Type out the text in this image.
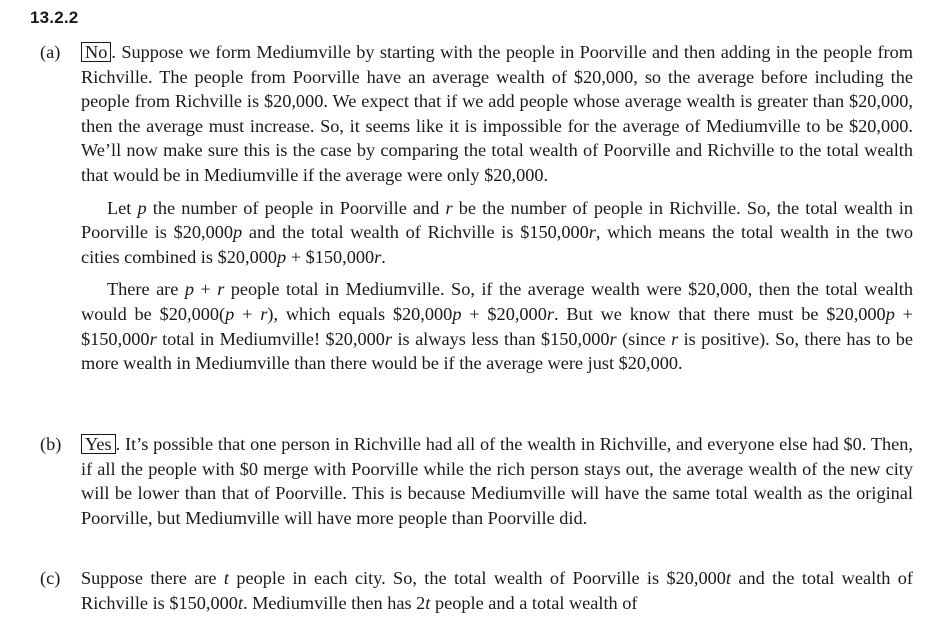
13.2.2
(a) No . Suppose we form Mediumville by starting with the people in Poorville and then adding in the people from Richville. The people from Poorville have an average wealth of $20,000, so the average before including the people from Richville is $20,000. We expect that if we add people whose average wealth is greater than $20,000, then the average must increase. So, it seems like it is impossible for the average of Mediumville to be $20,000. We’ll now make sure this is the case by comparing the total wealth of Poorville and Richville to the total wealth that would be in Mediumville if the average were only $20,000.

Let p the number of people in Poorville and r be the number of people in Richville. So, the total wealth in Poorville is $20,000p and the total wealth of Richville is $150,000r, which means the total wealth in the two cities combined is $20,000p + $150,000r.

There are p + r people total in Mediumville. So, if the average wealth were $20,000, then the total wealth would be $20,000(p + r), which equals $20,000p + $20,000r. But we know that there must be $20,000p + $150,000r total in Mediumville! $20,000r is always less than $150,000r (since r is positive). So, there has to be more wealth in Mediumville than there would be if the average were just $20,000.

(b) Yes . It’s possible that one person in Richville had all of the wealth in Richville, and everyone else had $0. Then, if all the people with $0 merge with Poorville while the rich person stays out, the average wealth of the new city will be lower than that of Poorville. This is because Mediumville will have the same total wealth as the original Poorville, but Mediumville will have more people than Poorville did.

(c) Suppose there are t people in each city. So, the total wealth of Poorville is $20,000t and the total wealth of Richville is $150,000t. Mediumville then has 2t people and a total wealth of
